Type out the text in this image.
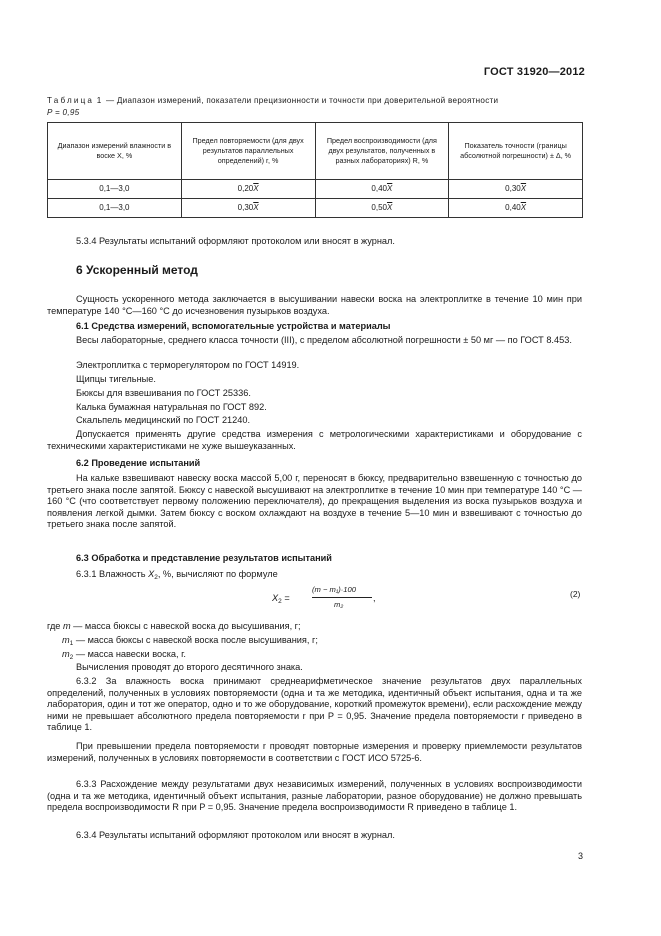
ГОСТ 31920—2012
Таблица 1 — Диапазон измерений, показатели прецизионности и точности при доверительной вероятности
P = 0,95
Диапазон измерений влажности в воске X, %	Предел повторяемости (для двух результатов параллельных определений) r, %	Предел воспроизводимости (для двух результатов, полученных в разных лабораториях) R, %	Показатель точности (границы абсолютной погрешности) ± Δ, %
0,1—3,0	$0,20\overline{X}$	$0,40\overline{X}$	$0,30\overline{X}$
0,1—3,0	$0,30\overline{X}$	$0,50\overline{X}$	$0,40\overline{X}$
5.3.4 Результаты испытаний оформляют протоколом или вносят в журнал.
6 Ускоренный метод
Сущность ускоренного метода заключается в высушивании навески воска на электроплитке в течение 10 мин при температуре 140 °C—160 °C до исчезновения пузырьков воздуха.
6.1 Средства измерений, вспомогательные устройства и материалы
Весы лабораторные, среднего класса точности (III), с пределом абсолютной погрешности ± 50 мг — по ГОСТ 8.453.
Электроплитка с терморегулятором по ГОСТ 14919.
Щипцы тигельные.
Бюксы для взвешивания по ГОСТ 25336.
Калька бумажная натуральная по ГОСТ 892.
Скальпель медицинский по ГОСТ 21240.
Допускается применять другие средства измерения с метрологическими характеристиками и оборудование с техническими характеристиками не хуже вышеуказанных.
6.2 Проведение испытаний
На кальке взвешивают навеску воска массой 5,00 г, переносят в бюксу, предварительно взвешенную с точностью до третьего знака после запятой. Бюксу с навеской высушивают на электроплитке в течение 10 мин при температуре 140 °C — 160 °C (что соответствует первому положению переключателя), до прекращения выделения из воска пузырьков воздуха и появления легкой дымки. Затем бюксу с воском охлаждают на воздухе в течение 5—10 мин и взвешивают с точностью до третьего знака после запятой.
6.3 Обработка и представление результатов испытаний
6.3.1 Влажность $X_2$, %, вычисляют по формуле
$X_2$ =
(m − m₁)·100
m₂
,	(2)
где m — масса бюксы с навеской воска до высушивания, г;
$m_1$ — масса бюксы с навеской воска после высушивания, г;
$m_2$ — масса навески воска, г.
Вычисления проводят до второго десятичного знака.
6.3.2 За влажность воска принимают среднеарифметическое значение результатов двух параллельных определений, полученных в условиях повторяемости (одна и та же методика, идентичный объект испытания, одна и та же лаборатория, один и тот же оператор, одно и то же оборудование, короткий промежуток времени), если расхождение между ними не превышает абсолютного предела повторяемости r при P = 0,95. Значение предела повторяемости r приведено в таблице 1.
При превышении предела повторяемости r проводят повторные измерения и проверку приемлемости результатов измерений, полученных в условиях повторяемости в соответствии с ГОСТ ИСО 5725-6.
6.3.3 Расхождение между результатами двух независимых измерений, полученных в условиях воспроизводимости (одна и та же методика, идентичный объект испытания, разные лаборатории, разное оборудование) не должно превышать предела воспроизводимости R при P = 0,95. Значение предела воспроизводимости R приведено в таблице 1.
6.3.4 Результаты испытаний оформляют протоколом или вносят в журнал.
3
